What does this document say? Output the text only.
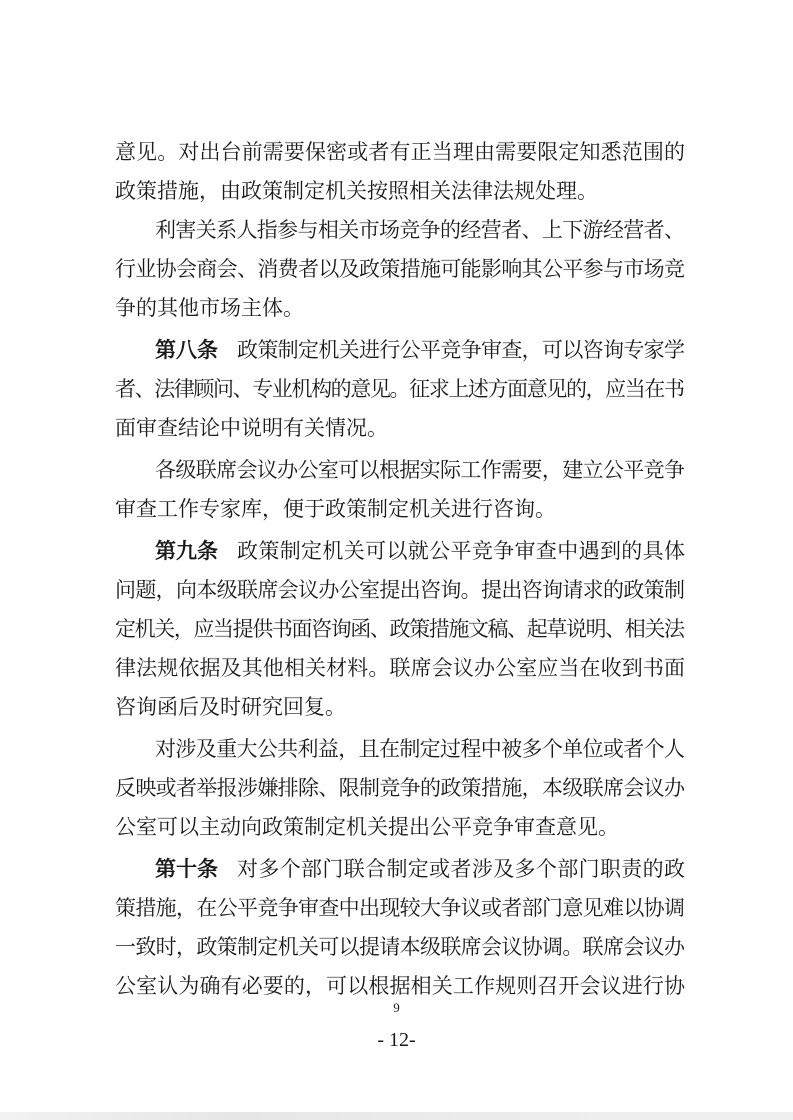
意见。对出台前需要保密或者有正当理由需要限定知悉范围的
政策措施，由政策制定机关按照相关法律法规处理。
利害关系人指参与相关市场竞争的经营者、上下游经营者、
行业协会商会、消费者以及政策措施可能影响其公平参与市场竞
争的其他市场主体。
第八条 政策制定机关进行公平竞争审查，可以咨询专家学
者、法律顾问、专业机构的意见。征求上述方面意见的，应当在书
面审查结论中说明有关情况。
各级联席会议办公室可以根据实际工作需要，建立公平竞争
审查工作专家库，便于政策制定机关进行咨询。
第九条 政策制定机关可以就公平竞争审查中遇到的具体
问题，向本级联席会议办公室提出咨询。提出咨询请求的政策制
定机关，应当提供书面咨询函、政策措施文稿、起草说明、相关法
律法规依据及其他相关材料。联席会议办公室应当在收到书面
咨询函后及时研究回复。
对涉及重大公共利益，且在制定过程中被多个单位或者个人
反映或者举报涉嫌排除、限制竞争的政策措施，本级联席会议办
公室可以主动向政策制定机关提出公平竞争审查意见。
第十条 对多个部门联合制定或者涉及多个部门职责的政
策措施，在公平竞争审查中出现较大争议或者部门意见难以协调
一致时，政策制定机关可以提请本级联席会议协调。联席会议办
公室认为确有必要的，可以根据相关工作规则召开会议进行协
9
- 12-
